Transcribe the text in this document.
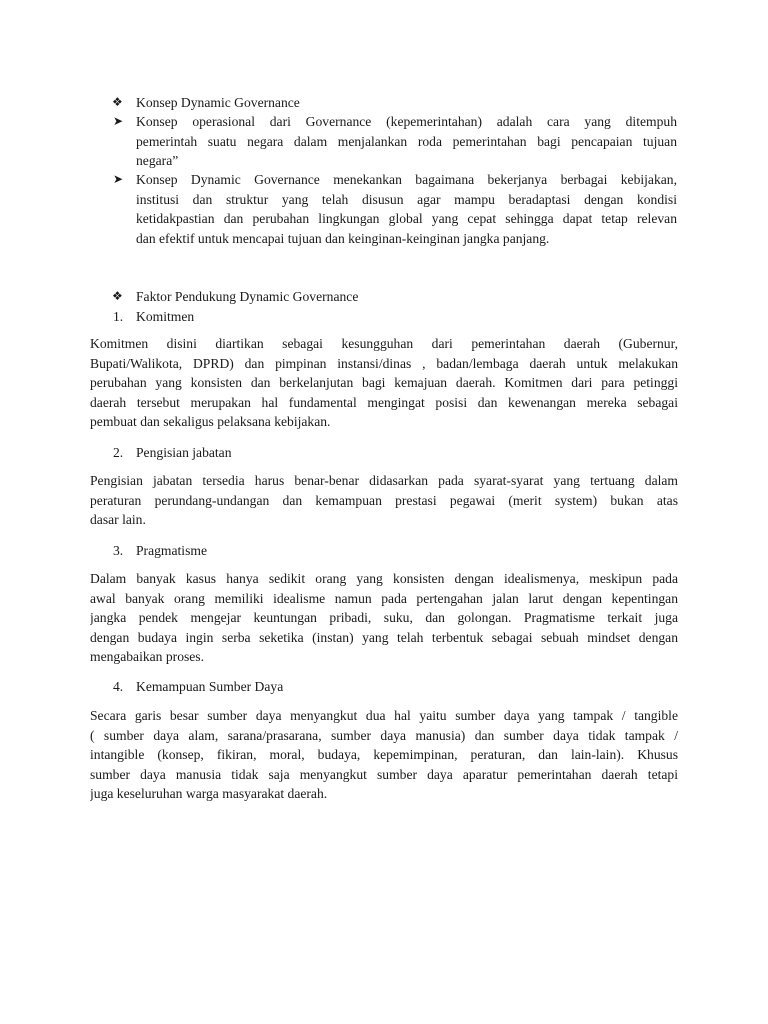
❖ Konsep Dynamic Governance
➤ Konsep operasional dari Governance (kepemerintahan) adalah cara yang ditempuh
pemerintah suatu negara dalam menjalankan roda pemerintahan bagi pencapaian tujuan
negara”
➤ Konsep Dynamic Governance menekankan bagaimana bekerjanya berbagai kebijakan,
institusi dan struktur yang telah disusun agar mampu beradaptasi dengan kondisi
ketidakpastian dan perubahan lingkungan global yang cepat sehingga dapat tetap relevan
dan efektif untuk mencapai tujuan dan keinginan-keinginan jangka panjang.
❖ Faktor Pendukung Dynamic Governance
1. Komitmen
Komitmen disini diartikan sebagai kesungguhan dari pemerintahan daerah (Gubernur,
Bupati/Walikota, DPRD) dan pimpinan instansi/dinas , badan/lembaga daerah untuk melakukan
perubahan yang konsisten dan berkelanjutan bagi kemajuan daerah. Komitmen dari para petinggi
daerah tersebut merupakan hal fundamental mengingat posisi dan kewenangan mereka sebagai
pembuat dan sekaligus pelaksana kebijakan.
2. Pengisian jabatan
Pengisian jabatan tersedia harus benar-benar didasarkan pada syarat-syarat yang tertuang dalam
peraturan perundang-undangan dan kemampuan prestasi pegawai (merit system) bukan atas
dasar lain.
3. Pragmatisme
Dalam banyak kasus hanya sedikit orang yang konsisten dengan idealismenya, meskipun pada
awal banyak orang memiliki idealisme namun pada pertengahan jalan larut dengan kepentingan
jangka pendek mengejar keuntungan pribadi, suku, dan golongan. Pragmatisme terkait juga
dengan budaya ingin serba seketika (instan) yang telah terbentuk sebagai sebuah mindset dengan
mengabaikan proses.
4. Kemampuan Sumber Daya
Secara garis besar sumber daya menyangkut dua hal yaitu sumber daya yang tampak / tangible
( sumber daya alam, sarana/prasarana, sumber daya manusia) dan sumber daya tidak tampak /
intangible (konsep, fikiran, moral, budaya, kepemimpinan, peraturan, dan lain-lain). Khusus
sumber daya manusia tidak saja menyangkut sumber daya aparatur pemerintahan daerah tetapi
juga keseluruhan warga masyarakat daerah.
